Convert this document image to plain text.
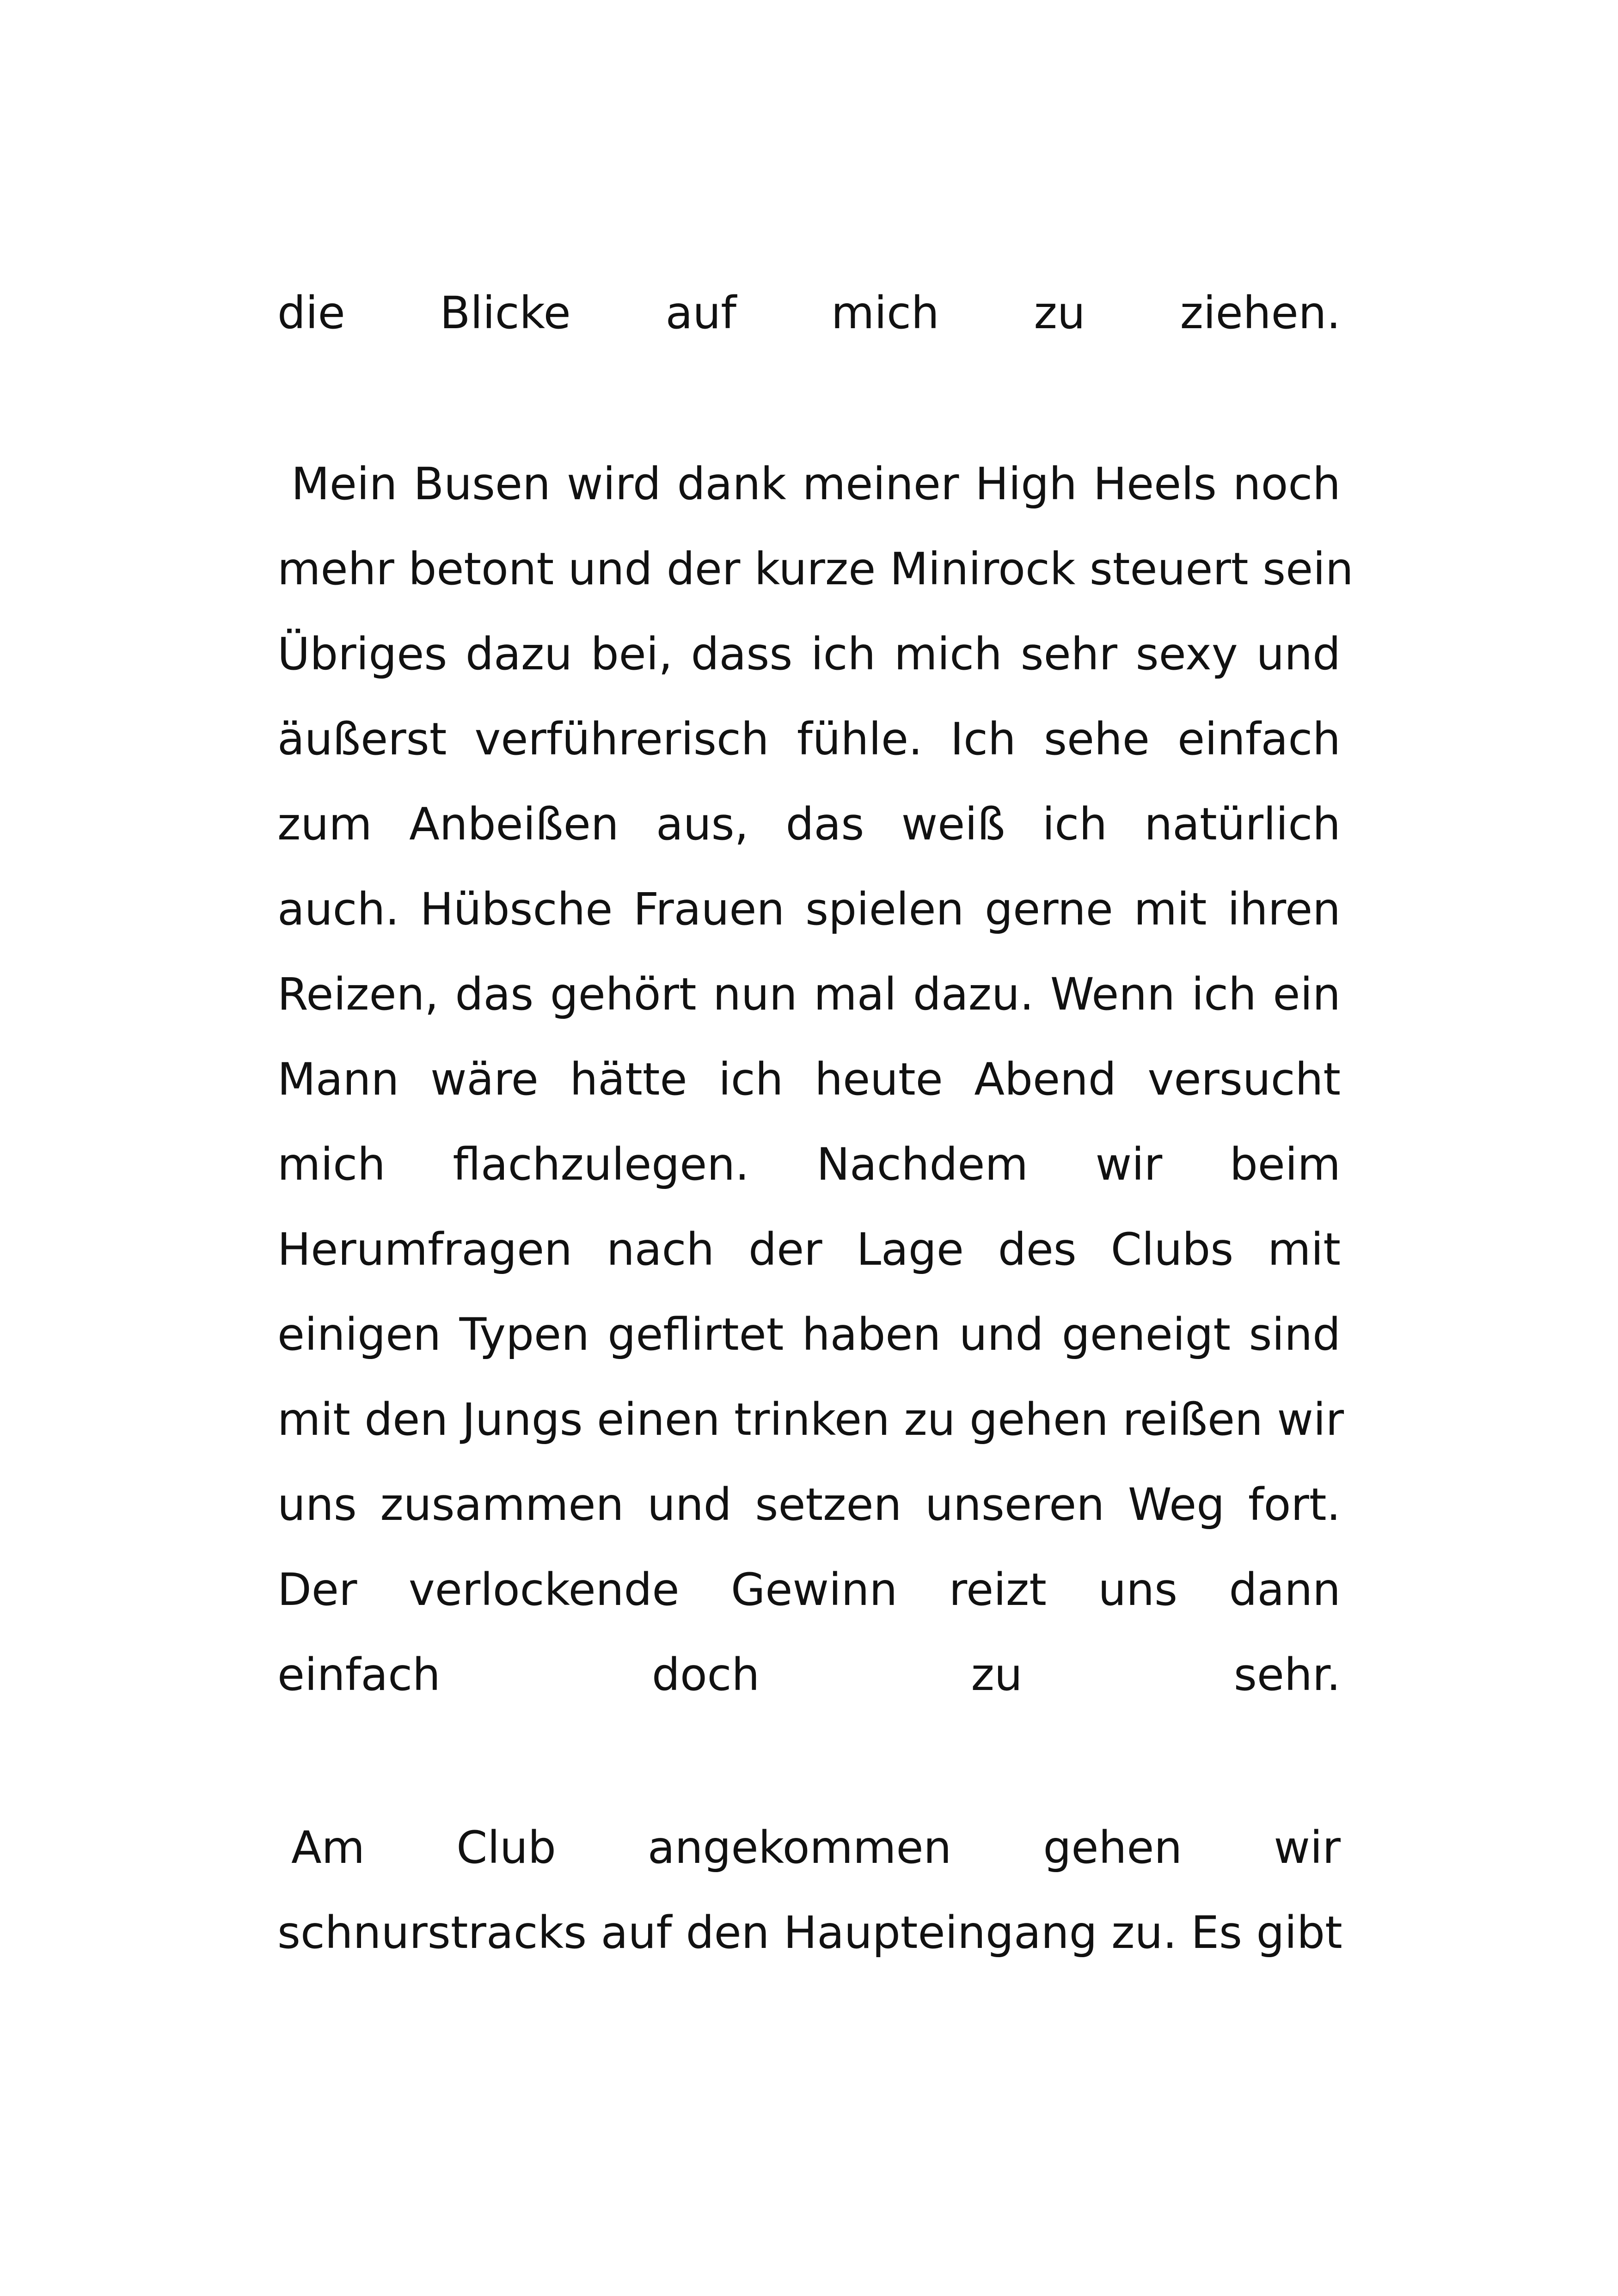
die Blicke auf mich zu ziehen.
Mein Busen wird dank meiner High Heels noch
mehr betont und der kurze Minirock steuert sein
Übriges dazu bei, dass ich mich sehr sexy und
äußerst verführerisch fühle. Ich sehe einfach
zum Anbeißen aus, das weiß ich natürlich
auch. Hübsche Frauen spielen gerne mit ihren
Reizen, das gehört nun mal dazu. Wenn ich ein
Mann wäre hätte ich heute Abend versucht
mich flachzulegen. Nachdem wir beim
Herumfragen nach der Lage des Clubs mit
einigen Typen geflirtet haben und geneigt sind
mit den Jungs einen trinken zu gehen reißen wir
uns zusammen und setzen unseren Weg fort.
Der verlockende Gewinn reizt uns dann
einfach doch zu sehr.
Am Club angekommen gehen wir
schnurstracks auf den Haupteingang zu. Es gibt
